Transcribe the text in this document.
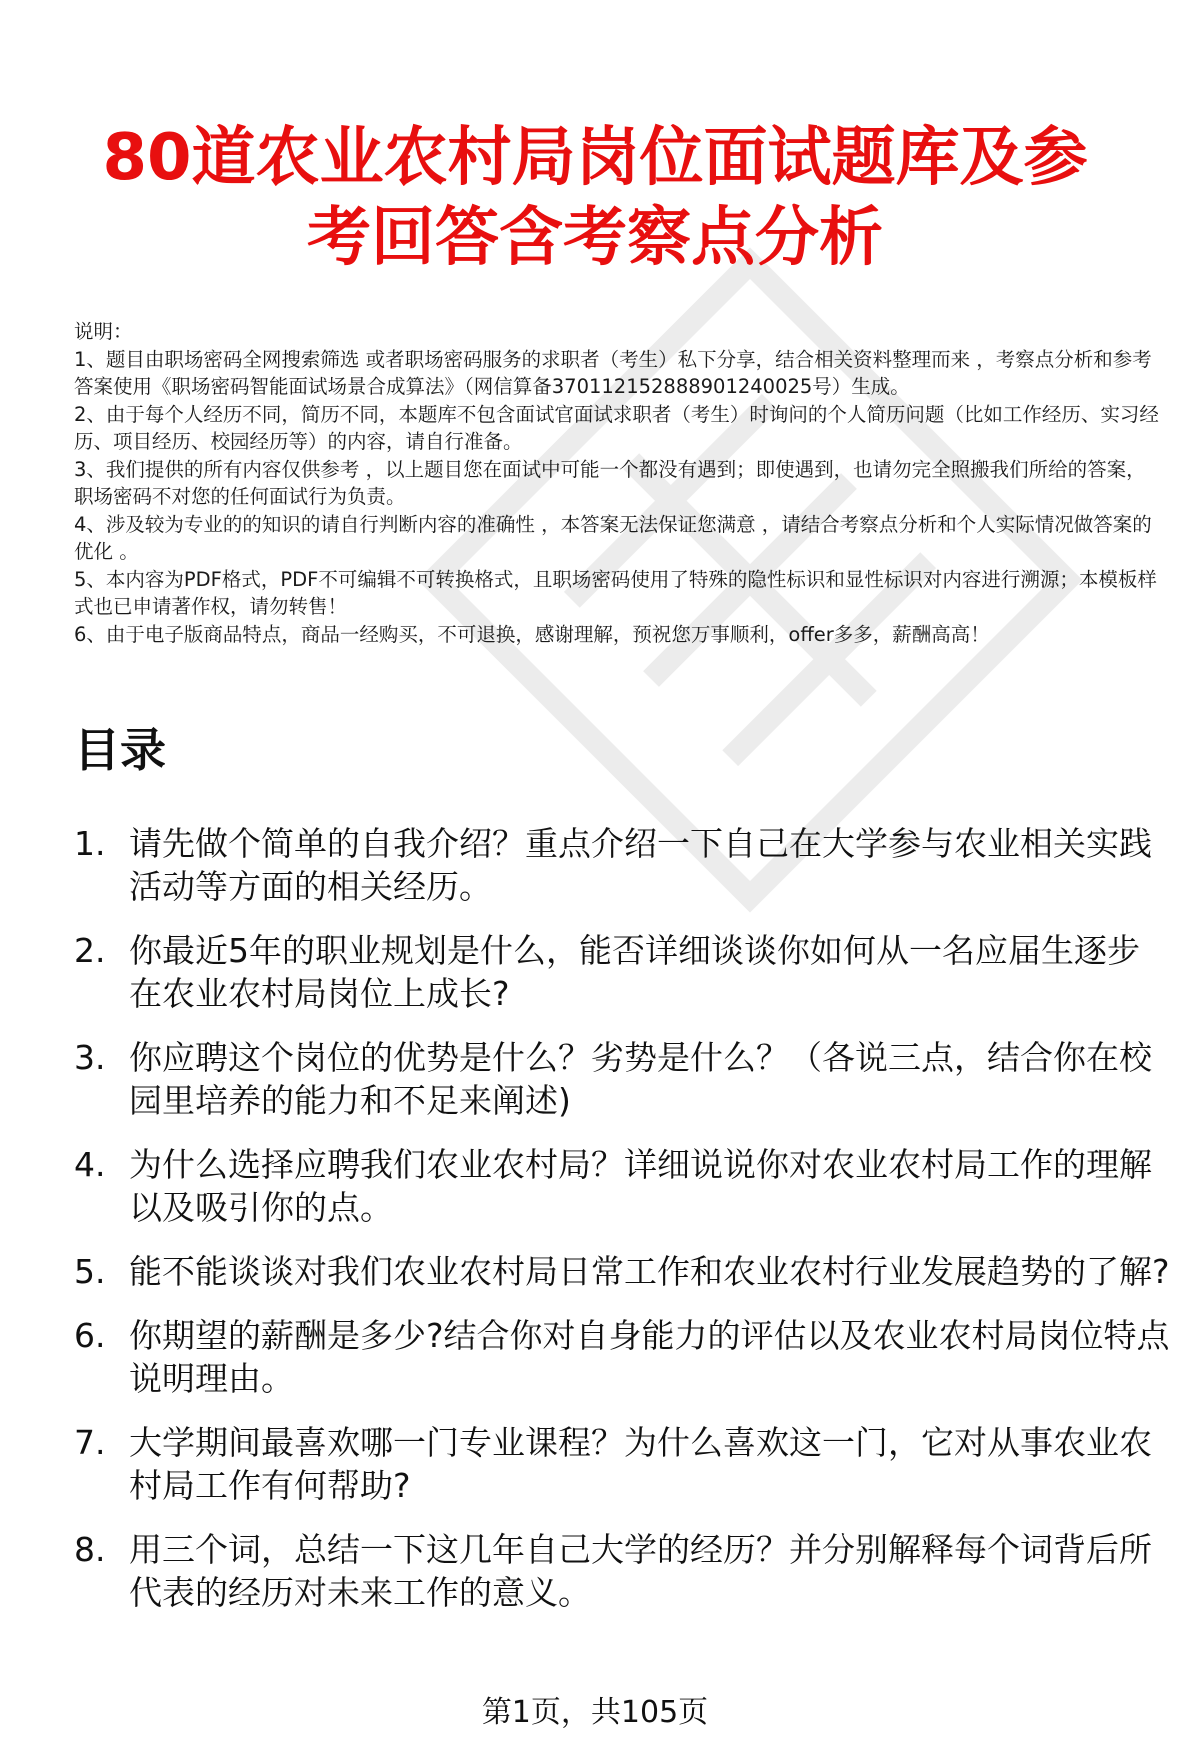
80道农业农村局岗位面试题库及参考回答含考察点分析

说明：

1、题目由职场密码全网搜索筛选 或者职场密码服务的求职者（考生）私下分享，结合相关资料整理而来 ，考察点分析和参考答案使用《职场密码智能面试场景合成算法》（网信算备370112152888901240025号）生成。

2、由于每个人经历不同，简历不同，本题库不包含面试官面试求职者（考生）时询问的个人简历问题（比如工作经历、实习经历、项目经历、校园经历等）的内容，请自行准备。

3、我们提供的所有内容仅供参考 ，以上题目您在面试中可能一个都没有遇到；即使遇到，也请勿完全照搬我们所给的答案，职场密码不对您的任何面试行为负责。

4、涉及较为专业的的知识的请自行判断内容的准确性 ，本答案无法保证您满意 ，请结合考察点分析和个人实际情况做答案的优化 。

5、本内容为PDF格式，PDF不可编辑不可转换格式，且职场密码使用了特殊的隐性标识和显性标识对内容进行溯源；本模板样式也已申请著作权，请勿转售！

6、由于电子版商品特点，商品一经购买，不可退换，感谢理解，预祝您万事顺利，offer多多，薪酬高高！

目录
1. 请先做个简单的自我介绍？重点介绍一下自己在大学参与农业相关实践活动等方面的相关经历。
2. 你最近5年的职业规划是什么，能否详细谈谈你如何从一名应届生逐步在农业农村局岗位上成长?
3. 你应聘这个岗位的优势是什么？劣势是什么？（各说三点，结合你在校园里培养的能力和不足来阐述)
4. 为什么选择应聘我们农业农村局？详细说说你对农业农村局工作的理解以及吸引你的点。
5. 能不能谈谈对我们农业农村局日常工作和农业农村行业发展趋势的了解?
6. 你期望的薪酬是多少?结合你对自身能力的评估以及农业农村局岗位特点说明理由。
7. 大学期间最喜欢哪一门专业课程？为什么喜欢这一门，它对从事农业农村局工作有何帮助?
8. 用三个词，总结一下这几年自己大学的经历？并分别解释每个词背后所代表的经历对未来工作的意义。
第1页，共105页
